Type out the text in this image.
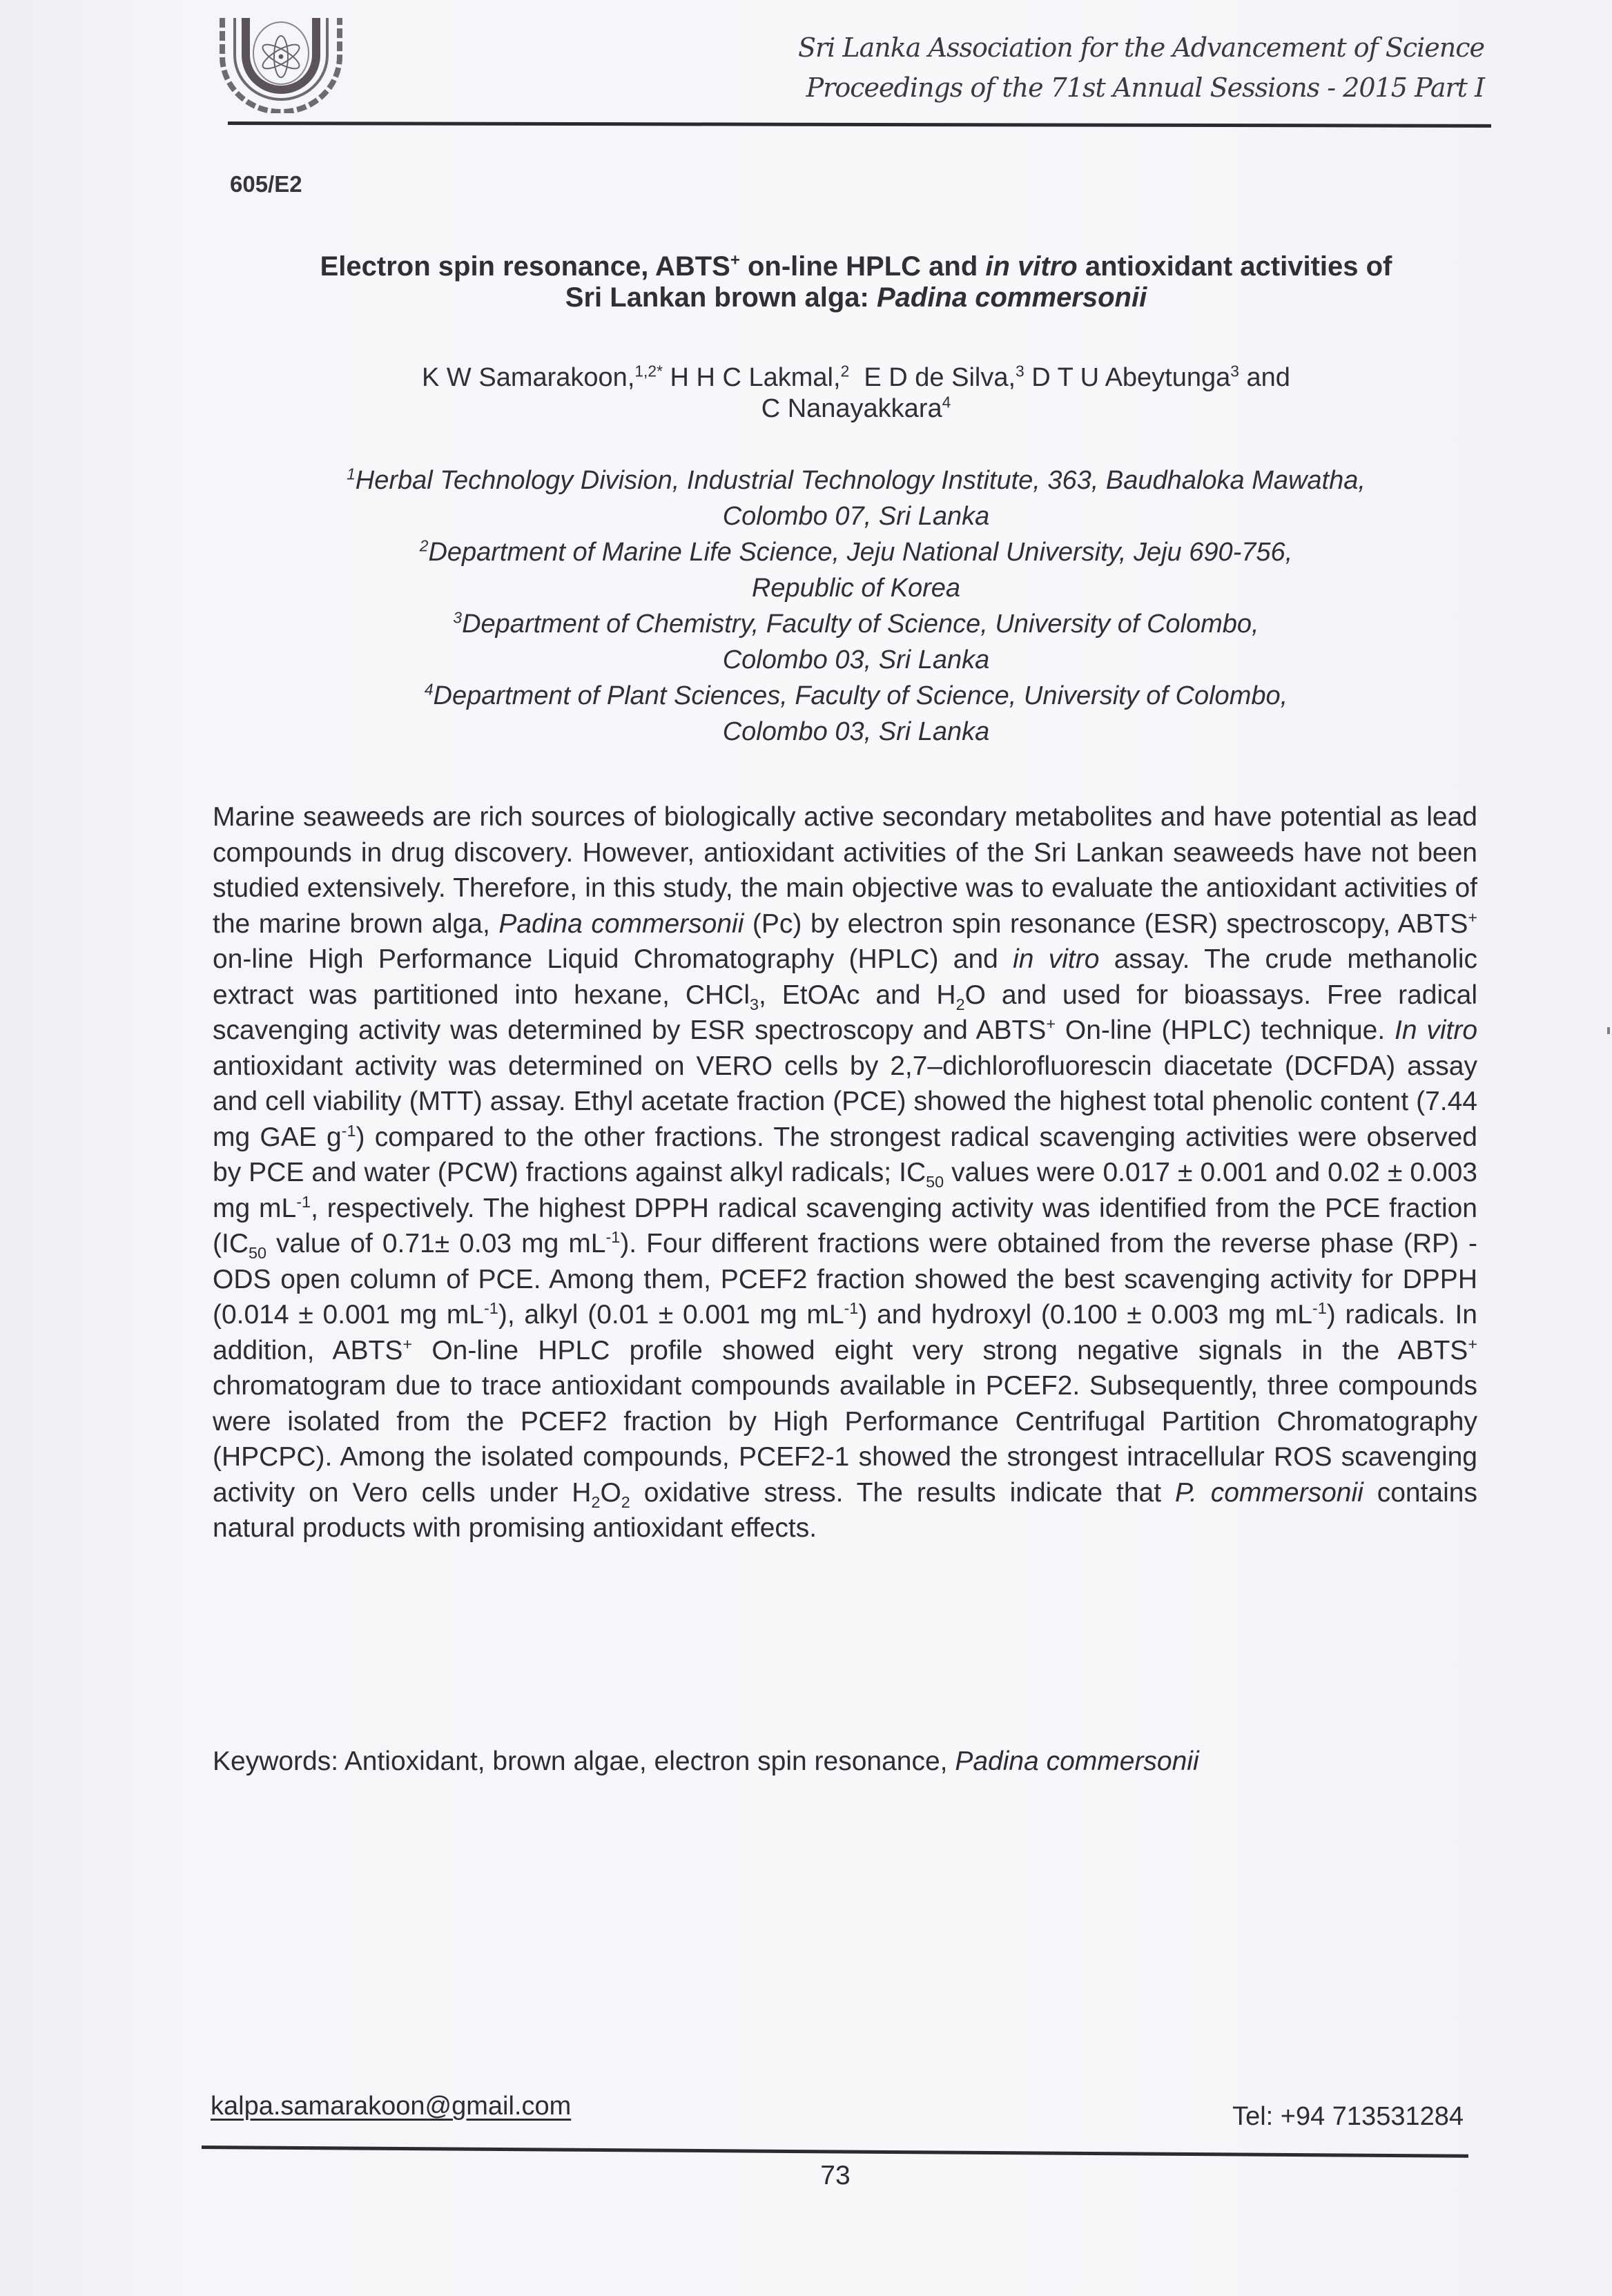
Sri Lanka Association for the Advancement of Science
Proceedings of the 71st Annual Sessions - 2015 Part I
605/E2
Electron spin resonance, ABTS+ on-line HPLC and in vitro antioxidant activities of
Sri Lankan brown alga: Padina commersonii
K W Samarakoon,$^{1,2*}$ H H C Lakmal,$^2$  E D de Silva,$^3$ D T U Abeytunga$^3$ and
C Nanayakkara$^4$
$^1$Herbal Technology Division, Industrial Technology Institute, 363, Baudhaloka Mawatha,
Colombo 07, Sri Lanka
$^2$Department of Marine Life Science, Jeju National University, Jeju 690-756,
Republic of Korea
$^3$Department of Chemistry, Faculty of Science, University of Colombo,
Colombo 03, Sri Lanka
$^4$Department of Plant Sciences, Faculty of Science, University of Colombo,
Colombo 03, Sri Lanka

Marine seaweeds are rich sources of biologically active secondary metabolites and have potential as lead compounds in drug discovery. However, antioxidant activities of the Sri Lankan seaweeds have not been studied extensively. Therefore, in this study, the main objective was to evaluate the antioxidant activities of the marine brown alga, Padina commersonii (Pc) by electron spin resonance (ESR) spectroscopy, ABTS+ on-line High Performance Liquid Chromatography (HPLC) and in vitro assay. The crude methanolic extract was partitioned into hexane, CHCl$_3$, EtOAc and $H_2O$ and used for bioassays. Free radical scavenging activity was determined by ESR spectroscopy and ABTS+ On-line (HPLC) technique. In vitro antioxidant activity was determined on VERO cells by 2,7–dichlorofluorescin diacetate (DCFDA) assay and cell viability (MTT) assay. Ethyl acetate fraction (PCE) showed the highest total phenolic content (7.44 mg GAE $g^{-1}$) compared to the other fractions. The strongest radical scavenging activities were observed by PCE and water (PCW) fractions against alkyl radicals; $IC_{50}$ values were 0.017 ± 0.001 and 0.02 ± 0.003 mg $mL^{-1}$, respectively. The highest DPPH radical scavenging activity was identified from the PCE fraction ($IC_{50}$ value of 0.71± 0.03 mg $mL^{-1}$). Four different fractions were obtained from the reverse phase (RP) - ODS open column of PCE. Among them, PCEF2 fraction showed the best scavenging activity for DPPH (0.014 ± 0.001 mg $mL^{-1}$), alkyl (0.01 ± 0.001 mg $mL^{-1}$) and hydroxyl (0.100 ± 0.003 mg $mL^{-1}$) radicals. In addition, ABTS+ On-line HPLC profile showed eight very strong negative signals in the ABTS+ chromatogram due to trace antioxidant compounds available in PCEF2. Subsequently, three compounds were isolated from the PCEF2 fraction by High Performance Centrifugal Partition Chromatography (HPCPC). Among the isolated compounds, PCEF2-1 showed the strongest intracellular ROS scavenging activity on Vero cells under $H_2O_2$ oxidative stress. The results indicate that P. commersonii contains natural products with promising antioxidant effects.

Keywords: Antioxidant, brown algae, electron spin resonance, Padina commersonii
kalpa.samarakoon@gmail.com	Tel: +94 713531284
73
